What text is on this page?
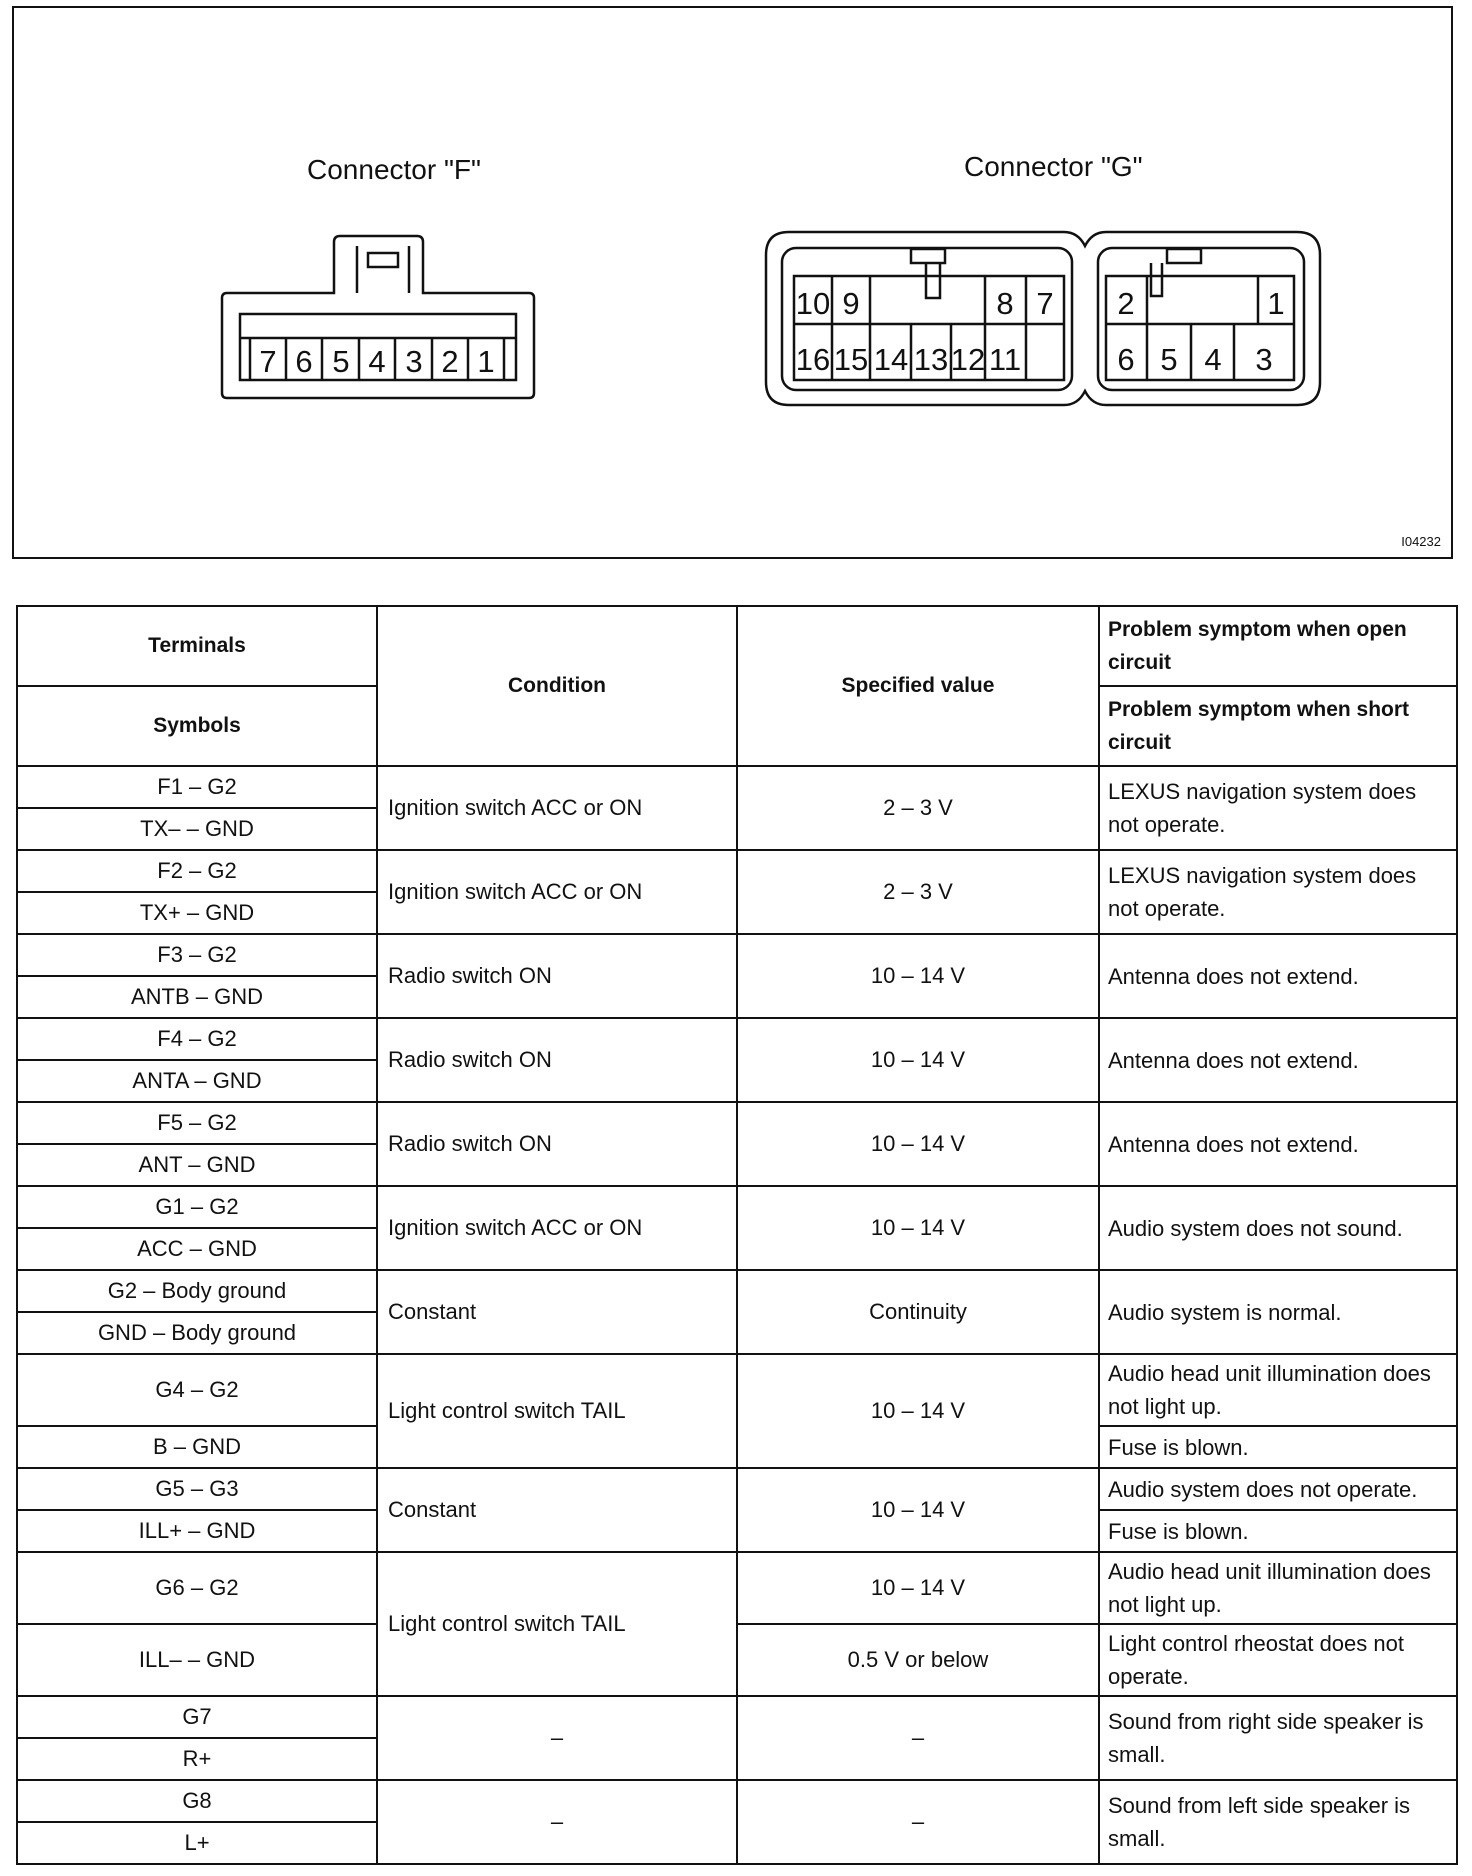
Connector "F"	Connector "G"
7 6 5 4 3 2 1
10 9	8 7
16 15 14 13 12 11
2	1
6 5 4 3
I04232
Terminals	Condition	Specified value	Problem symptom when open circuit
Symbols			Problem symptom when short circuit
F1 – G2	Ignition switch ACC or ON	2 – 3 V	LEXUS navigation system does not operate.
TX– – GND			
F2 – G2	Ignition switch ACC or ON	2 – 3 V	LEXUS navigation system does not operate.
TX+ – GND			
F3 – G2	Radio switch ON	10 – 14 V	Antenna does not extend.
ANTB – GND			
F4 – G2	Radio switch ON	10 – 14 V	Antenna does not extend.
ANTA – GND			
F5 – G2	Radio switch ON	10 – 14 V	Antenna does not extend.
ANT – GND			
G1 – G2	Ignition switch ACC or ON	10 – 14 V	Audio system does not sound.
ACC – GND			
G2 – Body ground	Constant	Continuity	Audio system is normal.
GND – Body ground			
G4 – G2	Light control switch TAIL	10 – 14 V	Audio head unit illumination does not light up.
B – GND			Fuse is blown.
G5 – G3	Constant	10 – 14 V	Audio system does not operate.
ILL+ – GND			Fuse is blown.
G6 – G2	Light control switch TAIL	10 – 14 V	Audio head unit illumination does not light up.
ILL– – GND		0.5 V or below	Light control rheostat does not operate.
G7	–	–	Sound from right side speaker is small.
R+			
G8	–	–	Sound from left side speaker is small.
L+			
